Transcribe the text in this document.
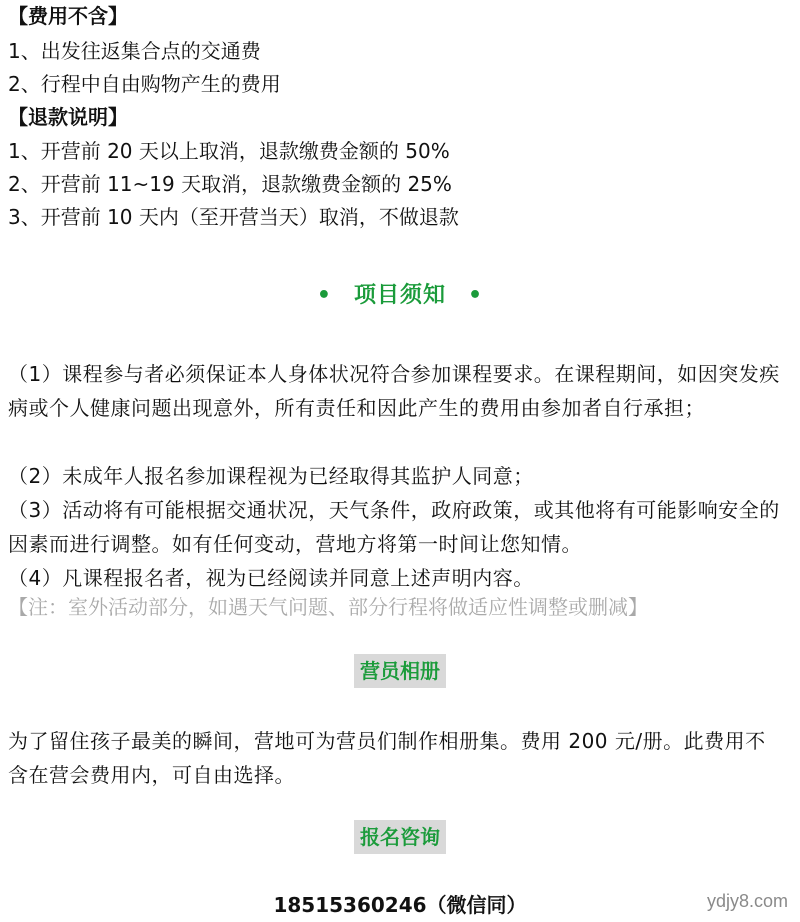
【费用不含】
1、出发往返集合点的交通费
2、行程中自由购物产生的费用
【退款说明】
1、开营前 20 天以上取消，退款缴费金额的 50%
2、开营前 11~19 天取消，退款缴费金额的 25%
3、开营前 10 天内（至开营当天）取消，不做退款
• 项目须知 •
（1）课程参与者必须保证本人身体状况符合参加课程要求。在课程期间，如因突发疾病或个人健康问题出现意外，所有责任和因此产生的费用由参加者自行承担；
（2）未成年人报名参加课程视为已经取得其监护人同意；
（3）活动将有可能根据交通状况，天气条件，政府政策，或其他将有可能影响安全的因素而进行调整。如有任何变动，营地方将第一时间让您知情。
（4）凡课程报名者，视为已经阅读并同意上述声明内容。
【注：室外活动部分，如遇天气问题、部分行程将做适应性调整或删减】
营员相册
为了留住孩子最美的瞬间，营地可为营员们制作相册集。费用 200 元/册。此费用不含在营会费用内，可自由选择。
报名咨询
18515360246（微信同）	ydjy8.com
